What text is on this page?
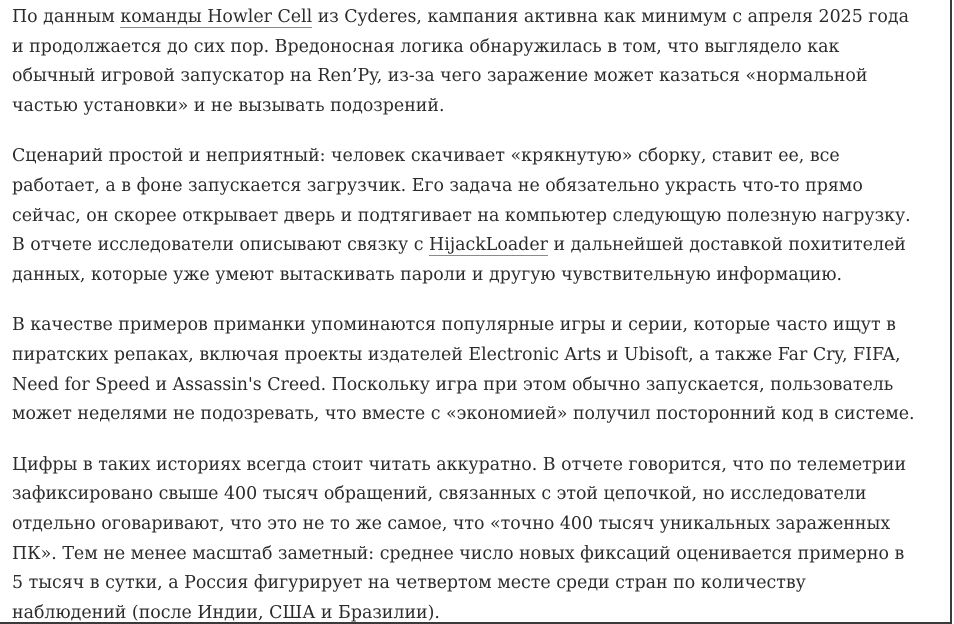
По данным команды Howler Cell из Cyderes, кампания активна как минимум с апреля 2025 года
и продолжается до сих пор. Вредоносная логика обнаружилась в том, что выглядело как
обычный игровой запускатор на Ren’Py, из-за чего заражение может казаться «нормальной
частью установки» и не вызывать подозрений.

Сценарий простой и неприятный: человек скачивает «крякнутую» сборку, ставит ее, все
работает, а в фоне запускается загрузчик. Его задача не обязательно украсть что-то прямо
сейчас, он скорее открывает дверь и подтягивает на компьютер следующую полезную нагрузку.
В отчете исследователи описывают связку с HijackLoader и дальнейшей доставкой похитителей
данных, которые уже умеют вытаскивать пароли и другую чувствительную информацию.

В качестве примеров приманки упоминаются популярные игры и серии, которые часто ищут в
пиратских репаках, включая проекты издателей Electronic Arts и Ubisoft, а также Far Cry, FIFA,
Need for Speed и Assassin's Creed. Поскольку игра при этом обычно запускается, пользователь
может неделями не подозревать, что вместе с «экономией» получил посторонний код в системе.

Цифры в таких историях всегда стоит читать аккуратно. В отчете говорится, что по телеметрии
зафиксировано свыше 400 тысяч обращений, связанных с этой цепочкой, но исследователи
отдельно оговаривают, что это не то же самое, что «точно 400 тысяч уникальных зараженных
ПК». Тем не менее масштаб заметный: среднее число новых фиксаций оценивается примерно в
5 тысяч в сутки, а Россия фигурирует на четвертом месте среди стран по количеству
наблюдений (после Индии, США и Бразилии).
